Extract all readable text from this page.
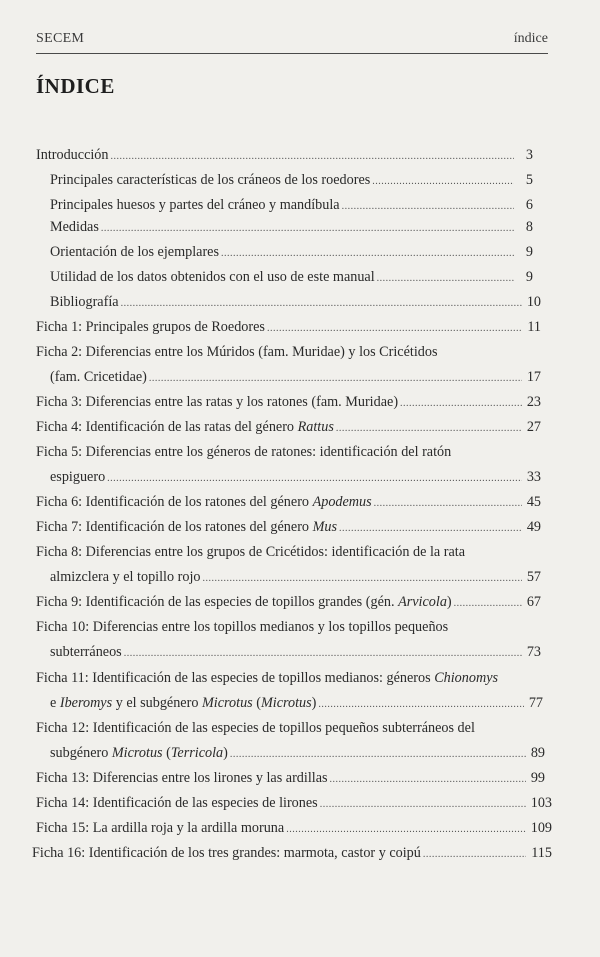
SECEM	índice
ÍNDICE
Introducción .....	3
Principales características de los cráneos de los roedores .....	5
Principales huesos y partes del cráneo y mandíbula .....	6
Medidas .....	8
Orientación de los ejemplares .....	9
Utilidad de los datos obtenidos con el uso de este manual .....	9
Bibliografía .....	10
Ficha 1: Principales grupos de Roedores .....	11
Ficha 2: Diferencias entre los Múridos (fam. Muridae) y los Cricétidos
(fam. Cricetidae) .....	17
Ficha 3: Diferencias entre las ratas y los ratones (fam. Muridae) .....	23
Ficha 4: Identificación de las ratas del género Rattus .....	27
Ficha 5: Diferencias entre los géneros de ratones: identificación del ratón
espiguero .....	33
Ficha 6: Identificación de los ratones del género Apodemus .....	45
Ficha 7: Identificación de los ratones del género Mus .....	49
Ficha 8: Diferencias entre los grupos de Cricétidos: identificación de la rata
almizclera y el topillo rojo .....	57
Ficha 9: Identificación de las especies de topillos grandes (gén. Arvicola) .....	67
Ficha 10: Diferencias entre los topillos medianos y los topillos pequeños
subterráneos .....	73
Ficha 11: Identificación de las especies de topillos medianos: géneros Chionomys
e Iberomys y el subgénero Microtus (Microtus) .....	77
Ficha 12: Identificación de las especies de topillos pequeños subterráneos del
subgénero Microtus (Terricola) .....	89
Ficha 13: Diferencias entre los lirones y las ardillas .....	99
Ficha 14: Identificación de las especies de lirones .....	103
Ficha 15: La ardilla roja y la ardilla moruna .....	109
Ficha 16: Identificación de los tres grandes: marmota, castor y coipú .....	115
